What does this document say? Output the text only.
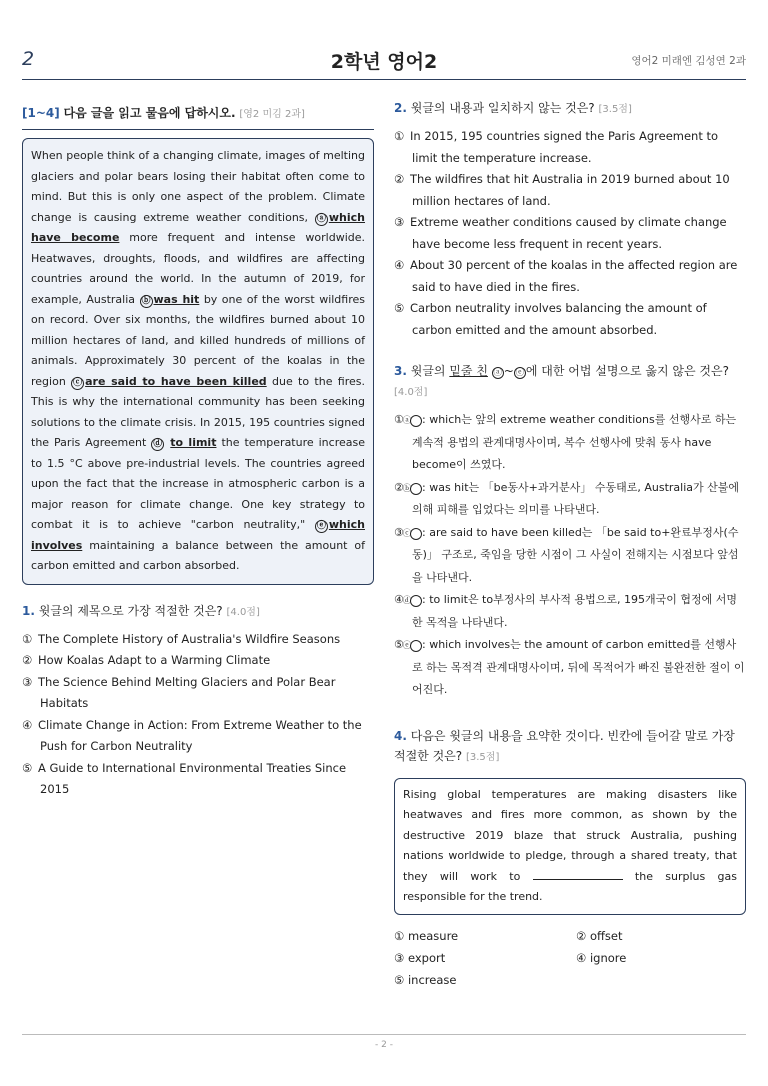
2	2학년 영어2	영어2 미래엔 김성연 2과
[1~4] 다음 글을 읽고 물음에 답하시오. [영2 미김 2과]
When people think of a changing climate, images of melting glaciers and polar bears losing their habitat often come to mind. But this is only one aspect of the problem. Climate change is causing extreme weather conditions, ⓐ which have become more frequent and intense worldwide. Heatwaves, droughts, floods, and wildfires are affecting countries around the world. In the autumn of 2019, for example, Australia ⓑ was hit by one of the worst wildfires on record. Over six months, the wildfires burned about 10 million hectares of land, and killed hundreds of millions of animals. Approximately 30 percent of the koalas in the region ⓒ are said to have been killed due to the fires. This is why the international community has been seeking solutions to the climate crisis. In 2015, 195 countries signed the Paris Agreement ⓓ to limit the temperature increase to 1.5 °C above pre-industrial levels. The countries agreed upon the fact that the increase in atmospheric carbon is a major reason for climate change. One key strategy to combat it is to achieve "carbon neutrality," ⓔ which involves maintaining a balance between the amount of carbon emitted and carbon absorbed.
1. 윗글의 제목으로 가장 적절한 것은? [4.0점]
① The Complete History of Australia's Wildfire Seasons
② How Koalas Adapt to a Warming Climate
③ The Science Behind Melting Glaciers and Polar Bear Habitats
④ Climate Change in Action: From Extreme Weather to the Push for Carbon Neutrality
⑤ A Guide to International Environmental Treaties Since 2015
2. 윗글의 내용과 일치하지 않는 것은? [3.5점]
① In 2015, 195 countries signed the Paris Agreement to limit the temperature increase.
② The wildfires that hit Australia in 2019 burned about 10 million hectares of land.
③ Extreme weather conditions caused by climate change have become less frequent in recent years.
④ About 30 percent of the koalas in the affected region are said to have died in the fires.
⑤ Carbon neutrality involves balancing the amount of carbon emitted and the amount absorbed.
3. 윗글의 밑줄 친 ⓐ ~ ⓔ 에 대한 어법 설명으로 옳지 않은 것은?
[4.0점]
①ⓐ : which는 앞의 extreme weather conditions를 선행사로 하는 계속적 용법의 관계대명사이며, 복수 선행사에 맞춰 동사 have become이 쓰였다.
②ⓑ : was hit는 「be동사+과거분사」 수동태로, Australia가 산불에 의해 피해를 입었다는 의미를 나타낸다.
③ⓒ : are said to have been killed는 「be said to+완료부정사(수동)」 구조로, 죽임을 당한 시점이 그 사실이 전해지는 시점보다 앞섬을 나타낸다.
④ⓓ : to limit은 to부정사의 부사적 용법으로, 195개국이 협정에 서명한 목적을 나타낸다.
⑤ⓔ : which involves는 the amount of carbon emitted를 선행사로 하는 목적격 관계대명사이며, 뒤에 목적어가 빠진 불완전한 절이 이어진다.
4. 다음은 윗글의 내용을 요약한 것이다. 빈칸에 들어갈 말로 가장 적절한 것은? [3.5점]
Rising global temperatures are making disasters like heatwaves and fires more common, as shown by the destructive 2019 blaze that struck Australia, pushing nations worldwide to pledge, through a shared treaty, that they will work to	the surplus gas responsible for the trend.
① measure	② offset
③ export	④ ignore
⑤ increase
- 2 -
